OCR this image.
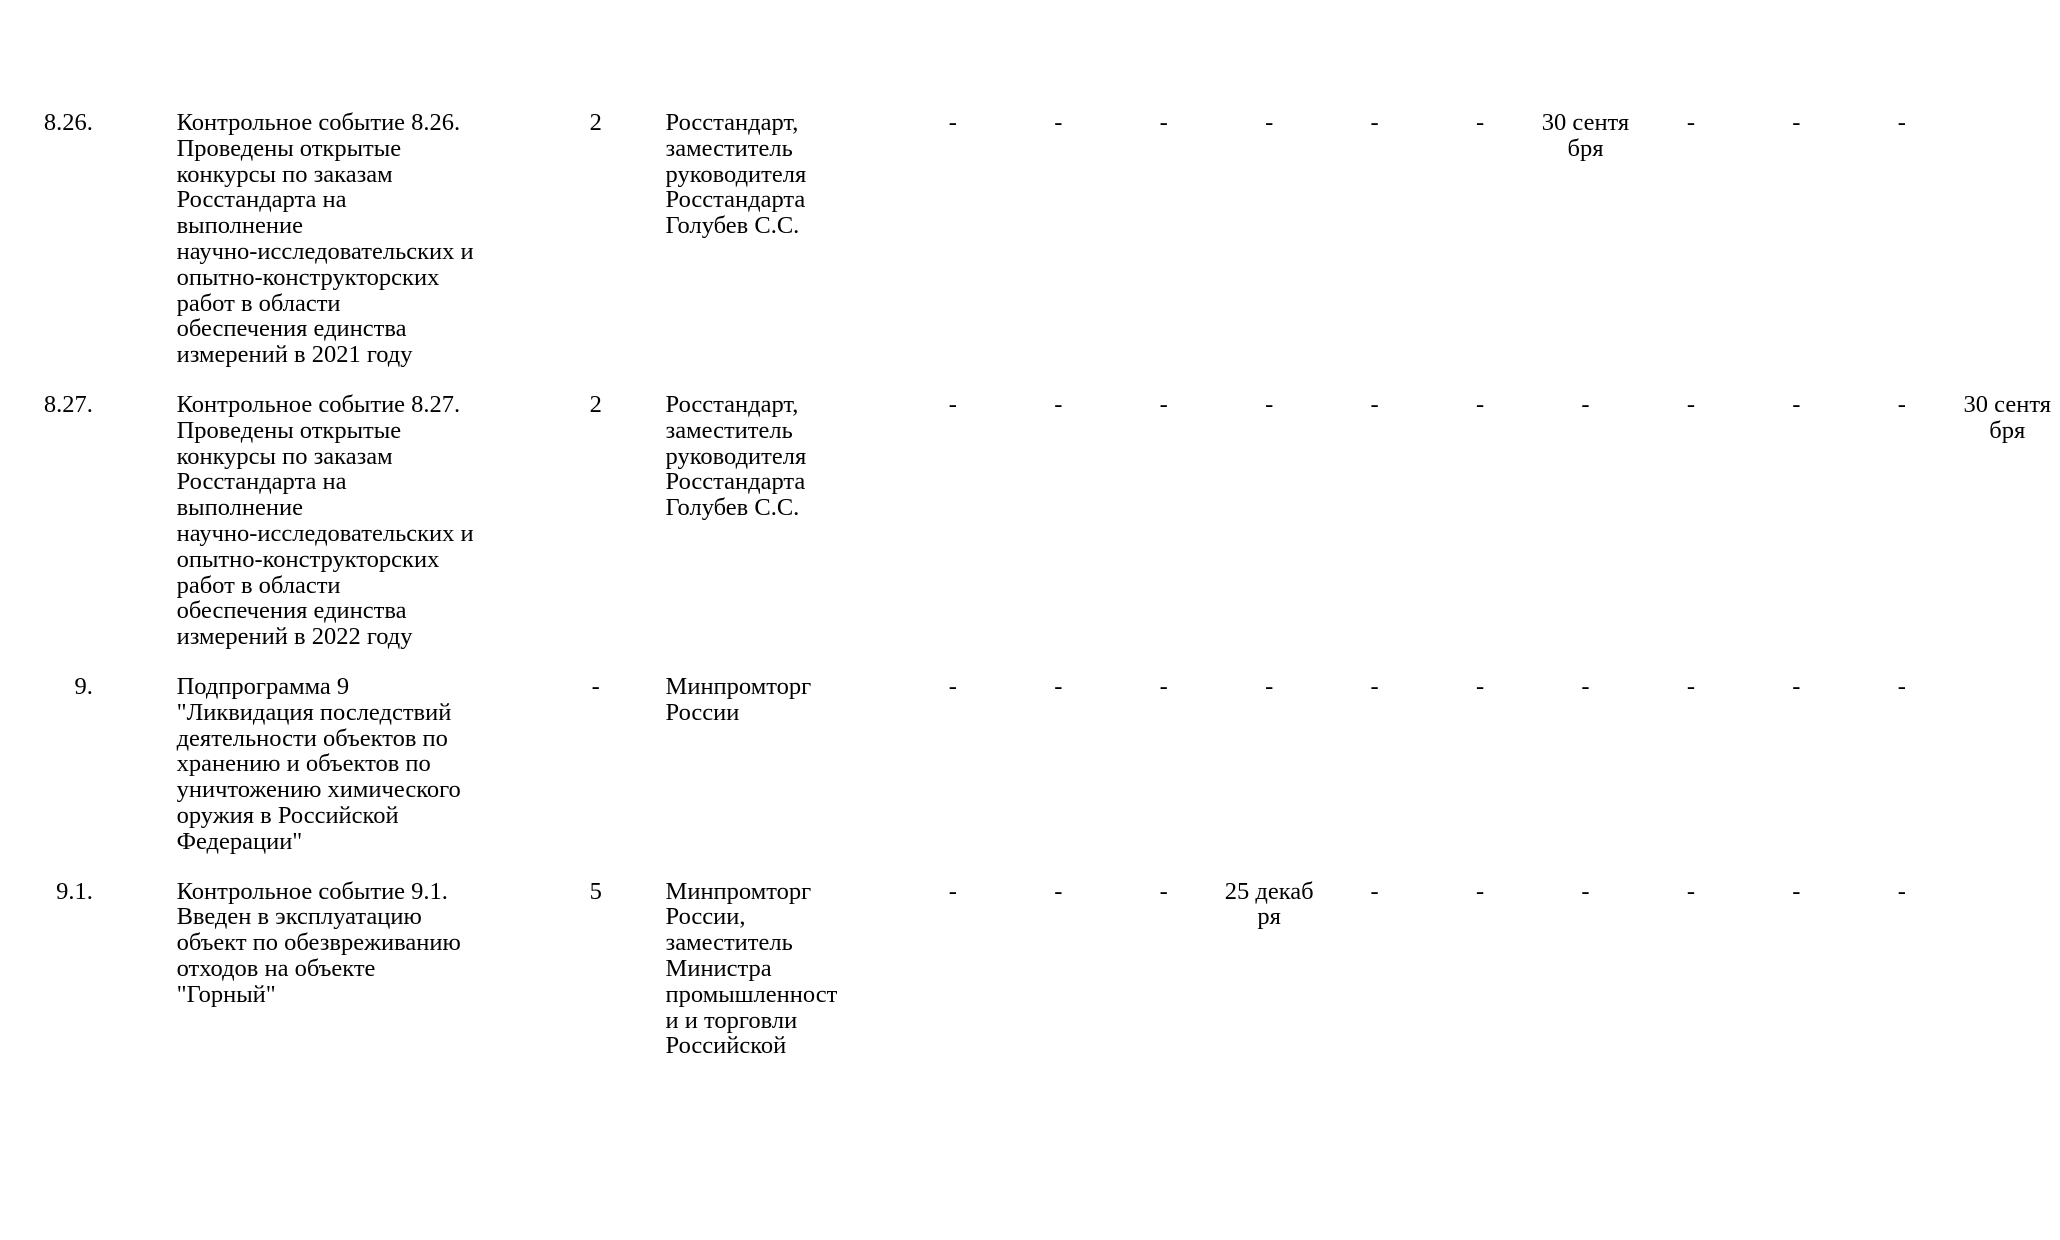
8.26.		Контрольное событие 8.26.
Проведены открытые
конкурсы по заказам
Росстандарта на
выполнение
научно-исследовательских и
опытно-конструкторских
работ в области
обеспечения единства
измерений в 2021 году
	2		Росстандарт,
заместитель
руководителя
Росстандарта
Голубев С.С.
	-	-	-	-	-	-	30 сентября	-	-	-	

8.27.		Контрольное событие 8.27.
Проведены открытые
конкурсы по заказам
Росстандарта на
выполнение
научно-исследовательских и
опытно-конструкторских
работ в области
обеспечения единства
измерений в 2022 году
	2		Росстандарт,
заместитель
руководителя
Росстандарта
Голубев С.С.
	-	-	-	-	-	-	-	-	-	-	30 сентября

9.		Подпрограмма 9
"Ликвидация последствий
деятельности объектов по
хранению и объектов по
уничтожению химического
оружия в Российской
Федерации"
	-		Минпромторг
России
	-	-	-	-	-	-	-	-	-	-	

9.1.		Контрольное событие 9.1.
Введен в эксплуатацию
объект по обезвреживанию
отходов на объекте
"Горный"
	5		Минпромторг
России,
заместитель
Министра
промышленност
и и торговли
Российской
	-	-	-	25 декабря	-	-	-	-	-	-	
